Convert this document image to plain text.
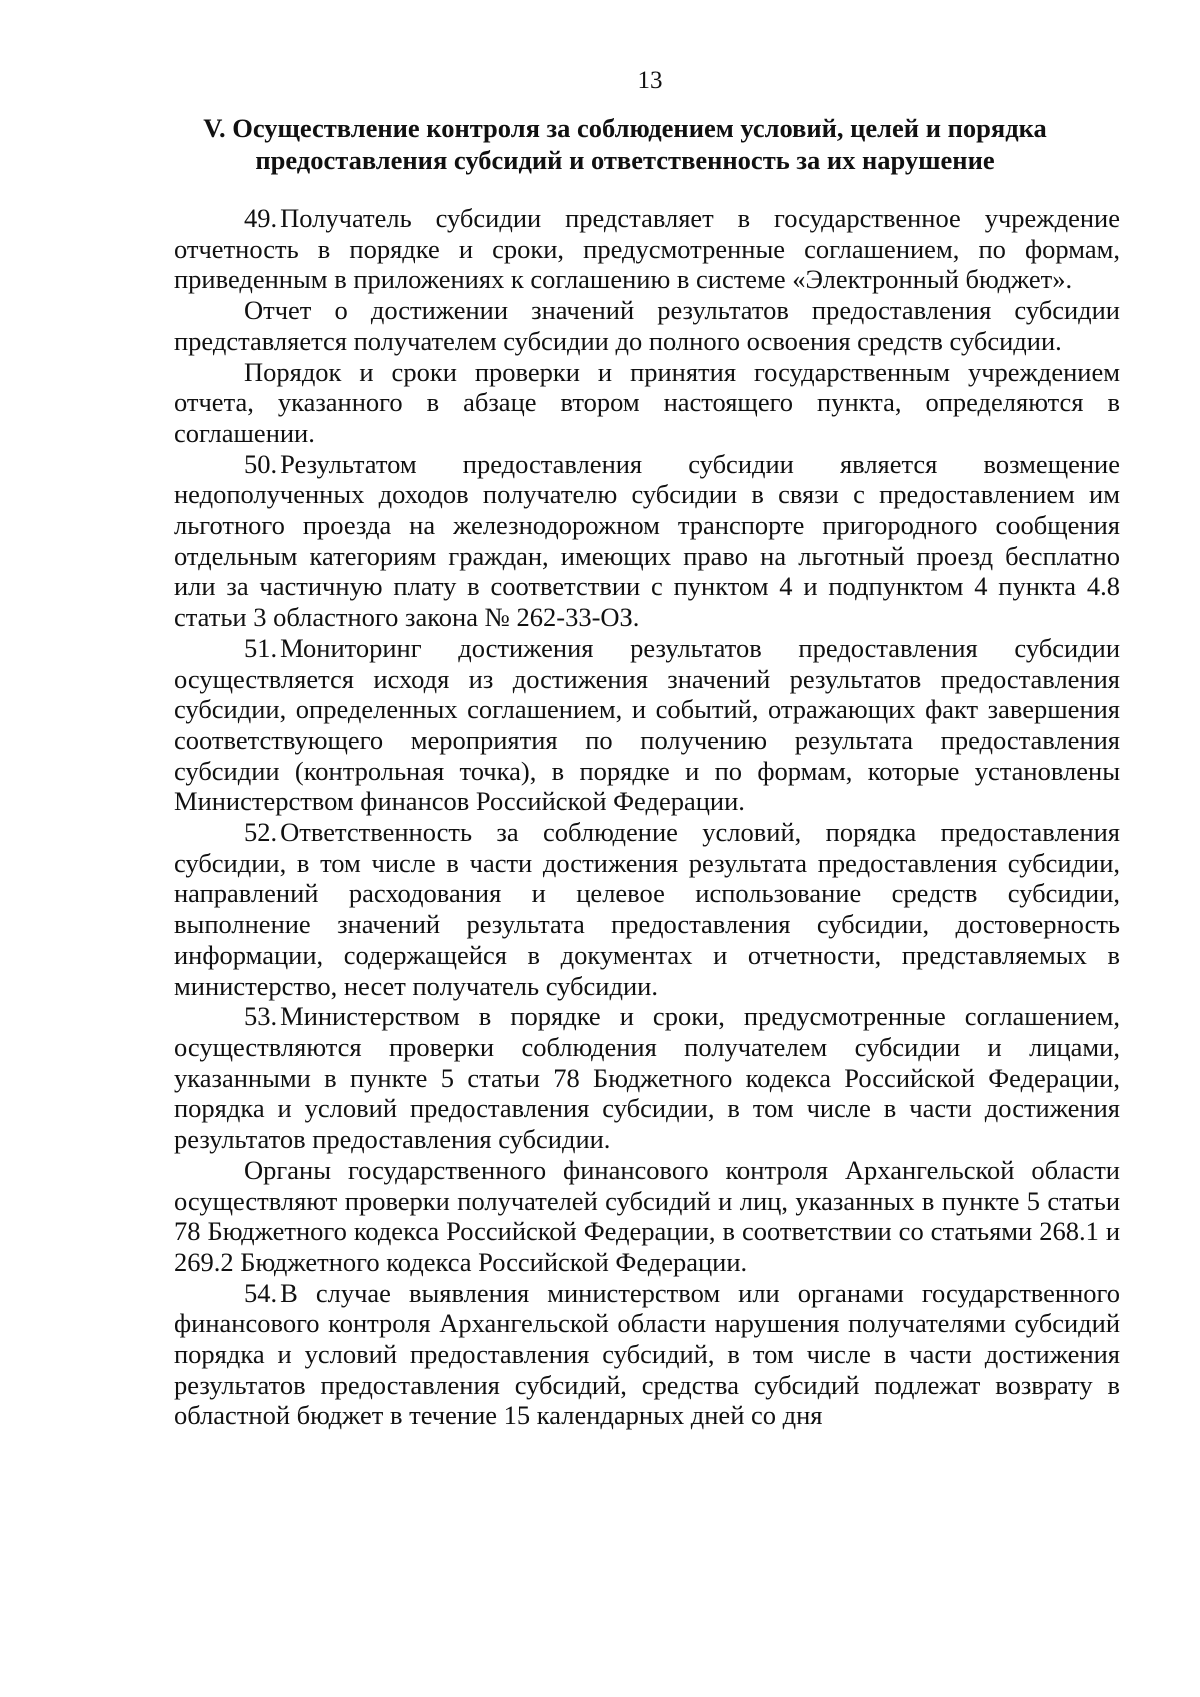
13
V. Осуществление контроля за соблюдением условий, целей и порядка
предоставления субсидий и ответственность за их нарушение

49. Получатель субсидии представляет в государственное учреждение отчетность в порядке и сроки, предусмотренные соглашением, по формам, приведенным в приложениях к соглашению в системе «Электронный бюджет».

Отчет о достижении значений результатов предоставления субсидии представляется получателем субсидии до полного освоения средств субсидии.

Порядок и сроки проверки и принятия государственным учреждением отчета, указанного в абзаце втором настоящего пункта, определяются в соглашении.

50. Результатом предоставления субсидии является возмещение недополученных доходов получателю субсидии в связи с предоставлением им льготного проезда на железнодорожном транспорте пригородного сообщения отдельным категориям граждан, имеющих право на льготный проезд бесплатно или за частичную плату в соответствии с пунктом 4 и подпунктом 4 пункта 4.8 статьи 3 областного закона № 262-33-ОЗ.

51. Мониторинг достижения результатов предоставления субсидии осуществляется исходя из достижения значений результатов предоставления субсидии, определенных соглашением, и событий, отражающих факт завершения соответствующего мероприятия по получению результата предоставления субсидии (контрольная точка), в порядке и по формам, которые установлены Министерством финансов Российской Федерации.

52. Ответственность за соблюдение условий, порядка предоставления субсидии, в том числе в части достижения результата предоставления субсидии, направлений расходования и целевое использование средств субсидии, выполнение значений результата предоставления субсидии, достоверность информации, содержащейся в документах и отчетности, представляемых в министерство, несет получатель субсидии.

53. Министерством в порядке и сроки, предусмотренные соглашением, осуществляются проверки соблюдения получателем субсидии и лицами, указанными в пункте 5 статьи 78 Бюджетного кодекса Российской Федерации, порядка и условий предоставления субсидии, в том числе в части достижения результатов предоставления субсидии.

Органы государственного финансового контроля Архангельской области осуществляют проверки получателей субсидий и лиц, указанных в пункте 5 статьи 78 Бюджетного кодекса Российской Федерации, в соответствии со статьями 268.1 и 269.2 Бюджетного кодекса Российской Федерации.

54. В случае выявления министерством или органами государственного финансового контроля Архангельской области нарушения получателями субсидий порядка и условий предоставления субсидий, в том числе в части достижения результатов предоставления субсидий, средства субсидий подлежат возврату в областной бюджет в течение 15 календарных дней со дня
